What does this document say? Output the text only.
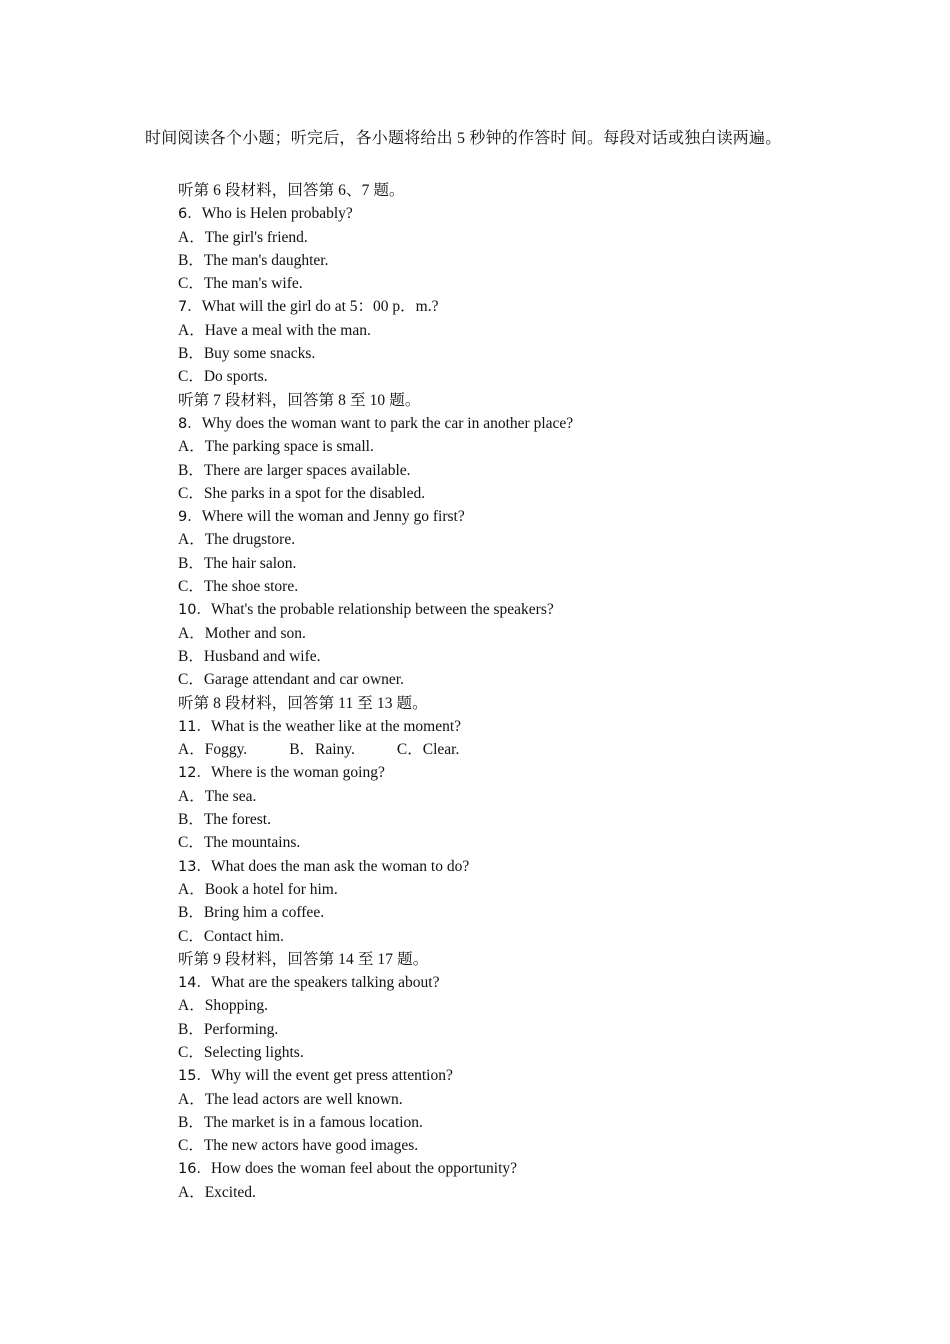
时间阅读各个小题；听完后，各小题将给出 5 秒钟的作答时 间。每段对话或独白读两遍。
听第 6 段材料，回答第 6、7 题。
6．Who is Helen probably?
A．The girl's friend.
B．The man's daughter.
C．The man's wife.
7．What will the girl do at 5：00 p．m.?
A．Have a meal with the man.
B．Buy some snacks.
C．Do sports.
听第 7 段材料，回答第 8 至 10 题。
8．Why does the woman want to park the car in another place?
A．The parking space is small.
B．There are larger spaces available.
C．She parks in a spot for the disabled.
9．Where will the woman and Jenny go first?
A．The drugstore.
B．The hair salon.
C．The shoe store.
10．What's the probable relationship between the speakers?
A．Mother and son.
B．Husband and wife.
C．Garage attendant and car owner.
听第 8 段材料，回答第 11 至 13 题。
11．What is the weather like at the moment?
A．Foggy.	B．Rainy.	C．Clear.
12．Where is the woman going?
A．The sea.
B．The forest.
C．The mountains.
13．What does the man ask the woman to do?
A．Book a hotel for him.
B．Bring him a coffee.
C．Contact him.
听第 9 段材料，回答第 14 至 17 题。
14．What are the speakers talking about?
A．Shopping.
B．Performing.
C．Selecting lights.
15．Why will the event get press attention?
A．The lead actors are well known.
B．The market is in a famous location.
C．The new actors have good images.
16．How does the woman feel about the opportunity?
A．Excited.
